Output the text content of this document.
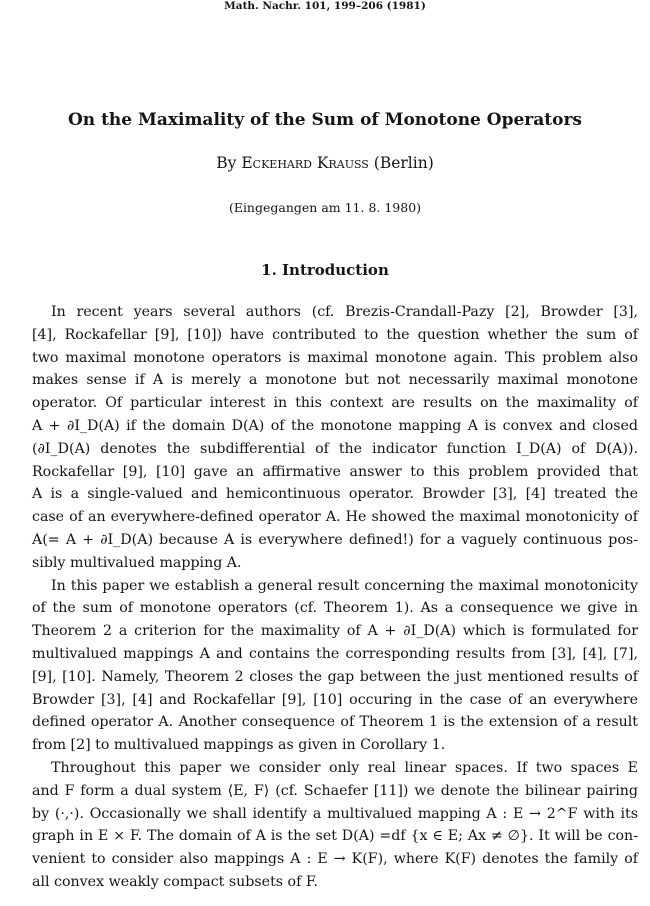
Math. Nachr. 101, 199–206 (1981)
On the Maximality of the Sum of Monotone Operators
By Eckehard Krauss (Berlin)
(Eingegangen am 11. 8. 1980)
1. Introduction
In recent years several authors (cf. Brezis-Crandall-Pazy [2], Browder [3],
[4], Rockafellar [9], [10]) have contributed to the question whether the sum of
two maximal monotone operators is maximal monotone again. This problem also
makes sense if A is merely a monotone but not necessarily maximal monotone
operator. Of particular interest in this context are results on the maximality of
A + ∂I_D(A) if the domain D(A) of the monotone mapping A is convex and closed
(∂I_D(A) denotes the subdifferential of the indicator function I_D(A) of D(A)).
Rockafellar [9], [10] gave an affirmative answer to this problem provided that
A is a single-valued and hemicontinuous operator. Browder [3], [4] treated the
case of an everywhere-defined operator A. He showed the maximal monotonicity of
A(= A + ∂I_D(A) because A is everywhere defined!) for a vaguely continuous pos-
sibly multivalued mapping A.
In this paper we establish a general result concerning the maximal monotonicity
of the sum of monotone operators (cf. Theorem 1). As a consequence we give in
Theorem 2 a criterion for the maximality of A + ∂I_D(A) which is formulated for
multivalued mappings A and contains the corresponding results from [3], [4], [7],
[9], [10]. Namely, Theorem 2 closes the gap between the just mentioned results of
Browder [3], [4] and Rockafellar [9], [10] occuring in the case of an everywhere
defined operator A. Another consequence of Theorem 1 is the extension of a result
from [2] to multivalued mappings as given in Corollary 1.
Throughout this paper we consider only real linear spaces. If two spaces E
and F form a dual system ⟨E, F⟩ (cf. Schaefer [11]) we denote the bilinear pairing
by (·,·). Occasionally we shall identify a multivalued mapping A : E → 2^F with its
graph in E × F. The domain of A is the set D(A) =df {x ∈ E; Ax ≠ ∅}. It will be con-
venient to consider also mappings A : E → K(F), where K(F) denotes the family of
all convex weakly compact subsets of F.
